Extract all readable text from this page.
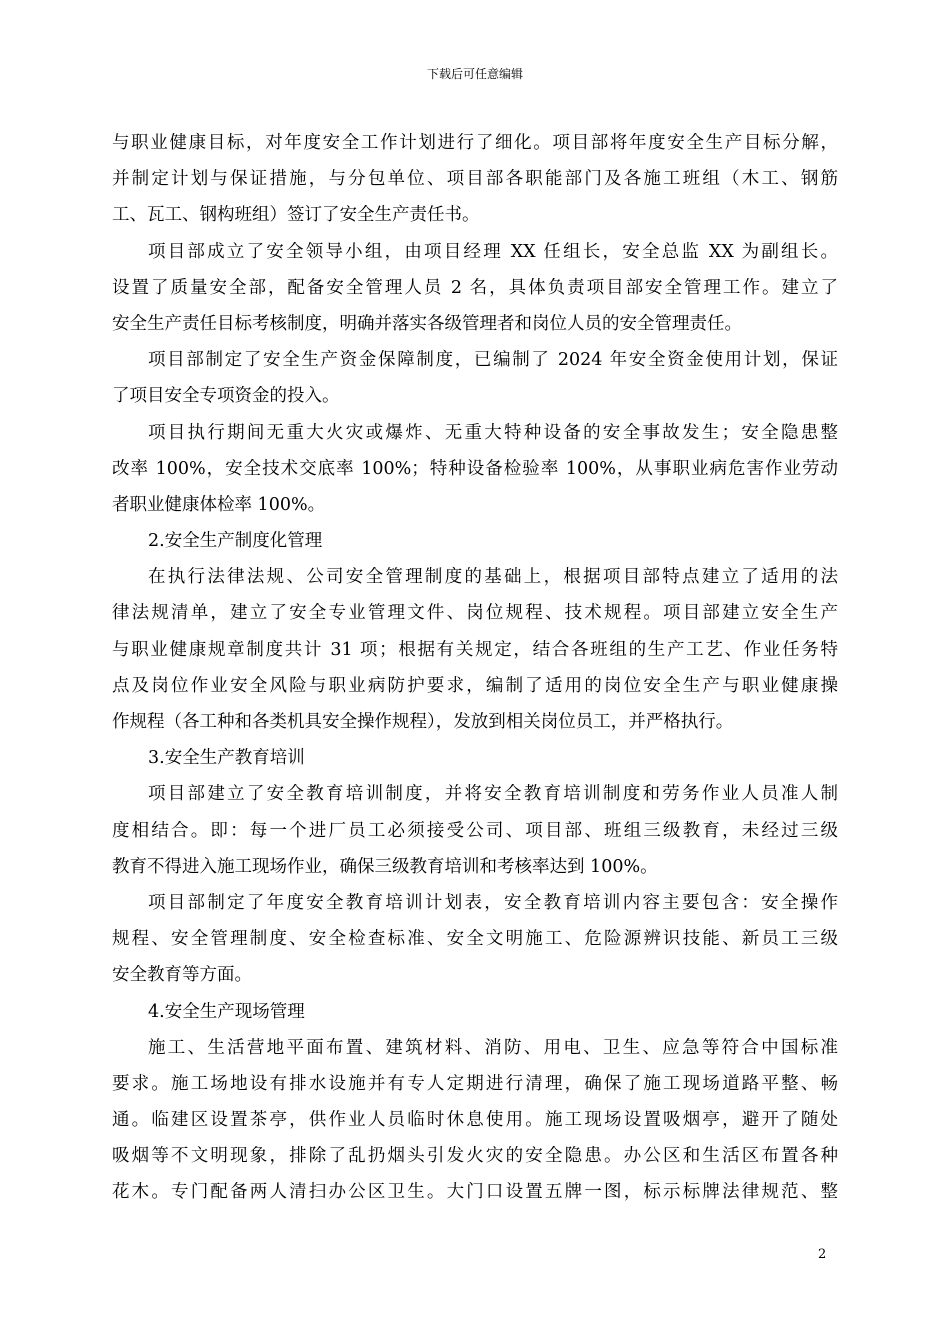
下载后可任意编辑
与职业健康目标，对年度安全工作计划进行了细化。项目部将年度安全生产目标分解，
并制定计划与保证措施，与分包单位、项目部各职能部门及各施工班组（木工、钢筋
工、瓦工、钢构班组）签订了安全生产责任书。
项目部成立了安全领导小组，由项目经理 XX 任组长，安全总监 XX 为副组长。
设置了质量安全部，配备安全管理人员 2 名，具体负责项目部安全管理工作。建立了
安全生产责任目标考核制度，明确并落实各级管理者和岗位人员的安全管理责任。
项目部制定了安全生产资金保障制度，已编制了 2024 年安全资金使用计划，保证
了项目安全专项资金的投入。
项目执行期间无重大火灾或爆炸、无重大特种设备的安全事故发生；安全隐患整
改率 100%，安全技术交底率 100%；特种设备检验率 100%，从事职业病危害作业劳动
者职业健康体检率 100%。
2.安全生产制度化管理
在执行法律法规、公司安全管理制度的基础上，根据项目部特点建立了适用的法
律法规清单，建立了安全专业管理文件、岗位规程、技术规程。项目部建立安全生产
与职业健康规章制度共计 31 项；根据有关规定，结合各班组的生产工艺、作业任务特
点及岗位作业安全风险与职业病防护要求，编制了适用的岗位安全生产与职业健康操
作规程（各工种和各类机具安全操作规程），发放到相关岗位员工，并严格执行。
3.安全生产教育培训
项目部建立了安全教育培训制度，并将安全教育培训制度和劳务作业人员准人制
度相结合。即：每一个进厂员工必须接受公司、项目部、班组三级教育，未经过三级
教育不得进入施工现场作业，确保三级教育培训和考核率达到 100%。
项目部制定了年度安全教育培训计划表，安全教育培训内容主要包含：安全操作
规程、安全管理制度、安全检查标准、安全文明施工、危险源辨识技能、新员工三级
安全教育等方面。
4.安全生产现场管理
施工、生活营地平面布置、建筑材料、消防、用电、卫生、应急等符合中国标准
要求。施工场地设有排水设施并有专人定期进行清理，确保了施工现场道路平整、畅
通。临建区设置茶亭，供作业人员临时休息使用。施工现场设置吸烟亭，避开了随处
吸烟等不文明现象，排除了乱扔烟头引发火灾的安全隐患。办公区和生活区布置各种
花木。专门配备两人清扫办公区卫生。大门口设置五牌一图，标示标牌法律规范、整
2
